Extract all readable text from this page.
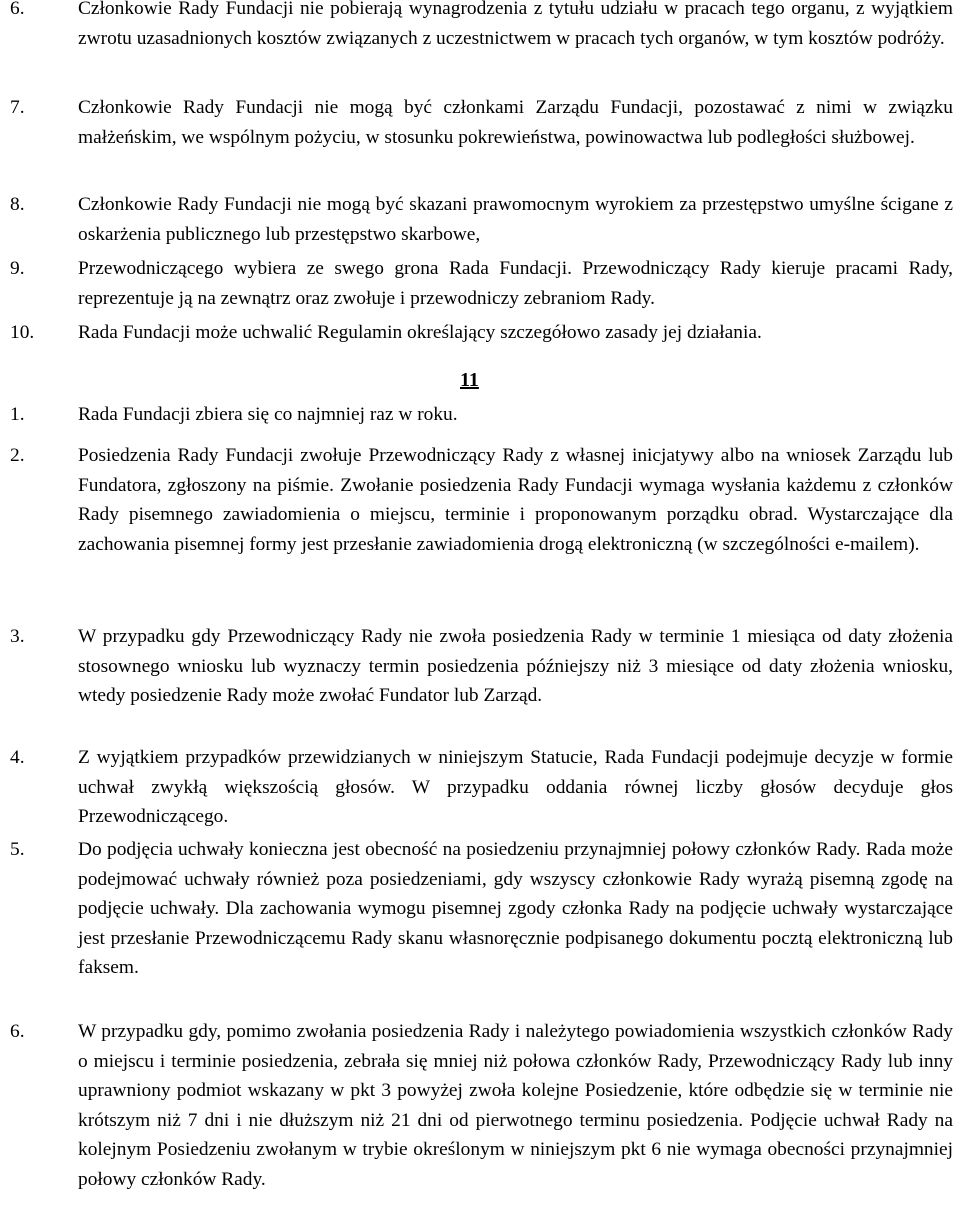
6.	Członkowie Rady Fundacji nie pobierają wynagrodzenia z tytułu udziału w pracach tego organu, z wyjątkiem zwrotu uzasadnionych kosztów związanych z uczestnictwem w pracach tych organów, w tym kosztów podróży.
7.	Członkowie Rady Fundacji nie mogą być członkami Zarządu Fundacji, pozostawać z nimi w związku małżeńskim, we wspólnym pożyciu, w stosunku pokrewieństwa, powinowactwa lub podległości służbowej.
8.	Członkowie Rady Fundacji nie mogą być skazani prawomocnym wyrokiem za przestępstwo umyślne ścigane z oskarżenia publicznego lub przestępstwo skarbowe,
9.	Przewodniczącego wybiera ze swego grona Rada Fundacji. Przewodniczący Rady kieruje pracami Rady, reprezentuje ją na zewnątrz oraz zwołuje i przewodniczy zebraniom Rady.
10. Rada Fundacji może uchwalić Regulamin określający szczegółowo zasady jej działania.
11
1.	Rada Fundacji zbiera się co najmniej raz w roku.
2.	Posiedzenia Rady Fundacji zwołuje Przewodniczący Rady z własnej inicjatywy albo na wniosek Zarządu lub Fundatora, zgłoszony na piśmie. Zwołanie posiedzenia Rady Fundacji wymaga wysłania każdemu z członków Rady pisemnego zawiadomienia o miejscu, terminie i proponowanym porządku obrad. Wystarczające dla zachowania pisemnej formy jest przesłanie zawiadomienia drogą elektroniczną (w szczególności e-mailem).
3.	W przypadku gdy Przewodniczący Rady nie zwoła posiedzenia Rady w terminie 1 miesiąca od daty złożenia stosownego wniosku lub wyznaczy termin posiedzenia późniejszy niż 3 miesiące od daty złożenia wniosku, wtedy posiedzenie Rady może zwołać Fundator lub Zarząd.
4.	Z wyjątkiem przypadków przewidzianych w niniejszym Statucie, Rada Fundacji podejmuje decyzje w formie uchwał zwykłą większością głosów. W przypadku oddania równej liczby głosów decyduje głos Przewodniczącego.
5.	Do podjęcia uchwały konieczna jest obecność na posiedzeniu przynajmniej połowy członków Rady. Rada może podejmować uchwały również poza posiedzeniami, gdy wszyscy członkowie Rady wyrażą pisemną zgodę na podjęcie uchwały. Dla zachowania wymogu pisemnej zgody członka Rady na podjęcie uchwały wystarczające jest przesłanie Przewodniczącemu Rady skanu własnoręcznie podpisanego dokumentu pocztą elektroniczną lub faksem.
6.	W przypadku gdy, pomimo zwołania posiedzenia Rady i należytego powiadomienia wszystkich członków Rady o miejscu i terminie posiedzenia, zebrała się mniej niż połowa członków Rady, Przewodniczący Rady lub inny uprawniony podmiot wskazany w pkt 3 powyżej zwoła kolejne Posiedzenie, które odbędzie się w terminie nie krótszym niż 7 dni i nie dłuższym niż 21 dni od pierwotnego terminu posiedzenia. Podjęcie uchwał Rady na kolejnym Posiedzeniu zwołanym w trybie określonym w niniejszym pkt 6 nie wymaga obecności przynajmniej połowy członków Rady.
